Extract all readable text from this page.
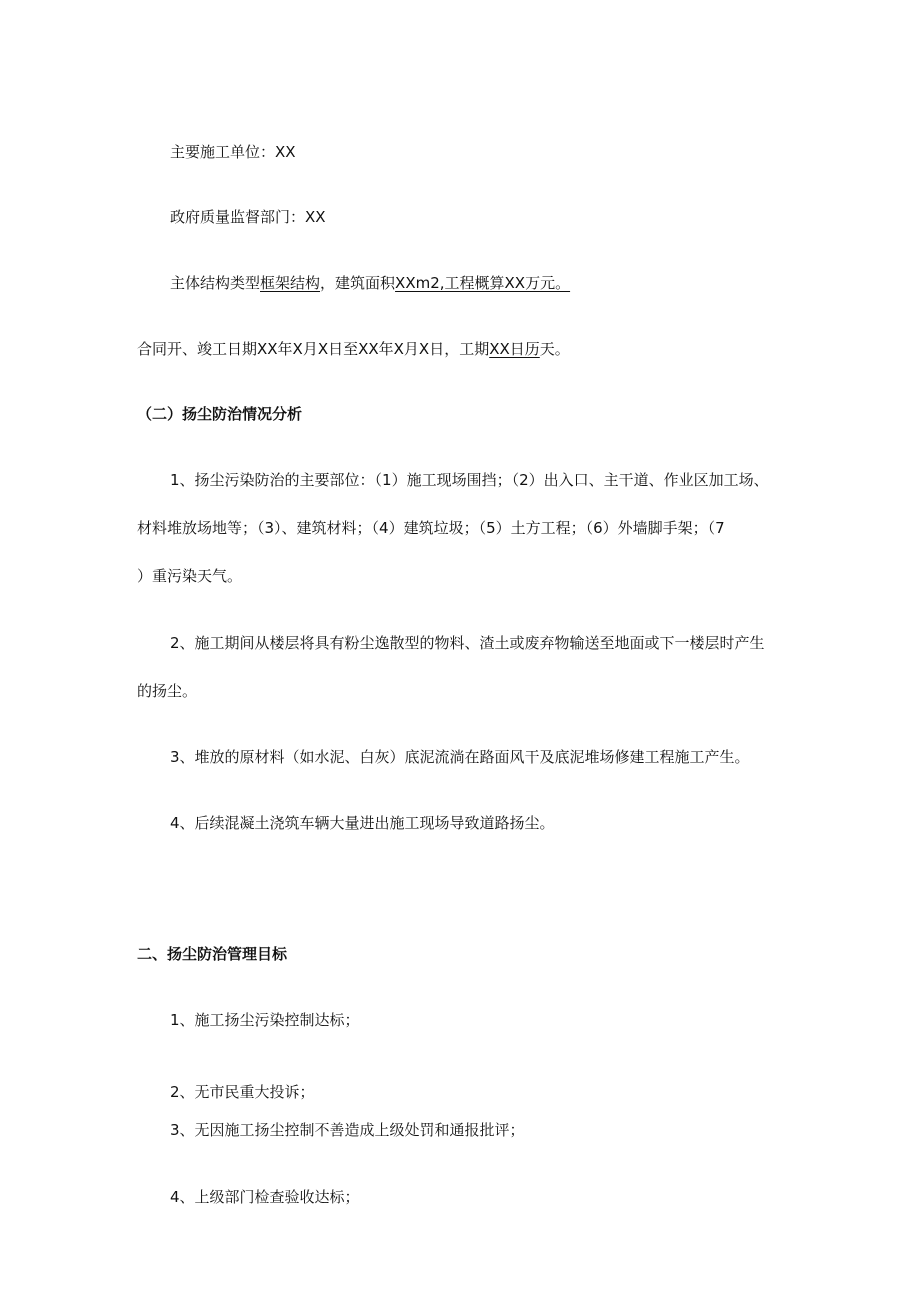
主要施工单位：XX
政府质量监督部门：XX
主体结构类型框架结构，建筑面积XXm2,工程概算XX万元。
合同开、竣工日期XX年X月X日至XX年X月X日，工期XX日历天。
（二）扬尘防治情况分析
1、扬尘污染防治的主要部位：（1）施工现场围挡；（2）出入口、主干道、作业区加工场、
材料堆放场地等；（3）、建筑材料；（4）建筑垃圾；（5）土方工程；（6）外墙脚手架；（7
）重污染天气。
2、施工期间从楼层将具有粉尘逸散型的物料、渣土或废弃物输送至地面或下一楼层时产生
的扬尘。
3、堆放的原材料（如水泥、白灰）底泥流淌在路面风干及底泥堆场修建工程施工产生。
4、后续混凝土浇筑车辆大量进出施工现场导致道路扬尘。
二、扬尘防治管理目标
1、施工扬尘污染控制达标；
2、无市民重大投诉；
3、无因施工扬尘控制不善造成上级处罚和通报批评；
4、上级部门检查验收达标；
